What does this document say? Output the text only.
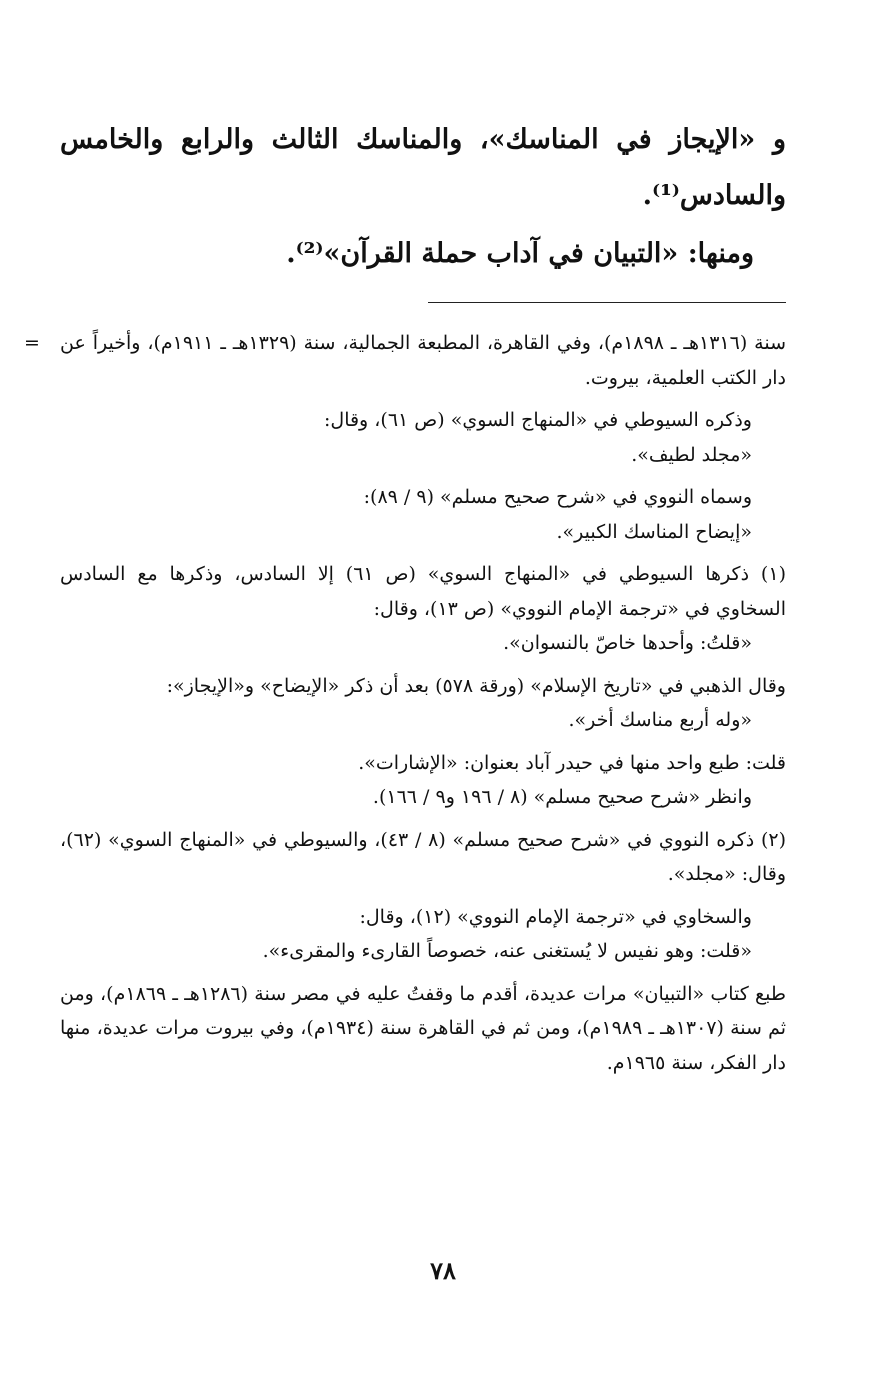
و «الإيجاز في المناسك»، والمناسك الثالث والرابع والخامس والسادس⁽¹⁾.

ومنها: «التبيان في آداب حملة القرآن»⁽²⁾.

= سنة (١٣١٦هـ ـ ١٨٩٨م)، وفي القاهرة، المطبعة الجمالية، سنة (١٣٢٩هـ ـ ١٩١١م)، وأخيراً عن دار الكتب العلمية، بيروت.

وذكره السيوطي في «المنهاج السوي» (ص ٦١)، وقال:

«مجلد لطيف».

وسماه النووي في «شرح صحيح مسلم» (٩ / ٨٩):

«إيضاح المناسك الكبير».

(١) ذكرها السيوطي في «المنهاج السوي» (ص ٦١) إلا السادس، وذكرها مع السادس السخاوي في «ترجمة الإمام النووي» (ص ١٣)، وقال:

«قلتُ: وأحدها خاصّ بالنسوان».

وقال الذهبي في «تاريخ الإسلام» (ورقة ٥٧٨) بعد أن ذكر «الإيضاح» و«الإيجاز»:

«وله أربع مناسك أخر».

قلت: طبع واحد منها في حيدر آباد بعنوان: «الإشارات».

وانظر «شرح صحيح مسلم» (٨ / ١٩٦ و٩ / ١٦٦).

(٢) ذكره النووي في «شرح صحيح مسلم» (٨ / ٤٣)، والسيوطي في «المنهاج السوي» (٦٢)، وقال: «مجلد».

والسخاوي في «ترجمة الإمام النووي» (١٢)، وقال:

«قلت: وهو نفيس لا يُستغنى عنه، خصوصاً القارىء والمقرىء».

طبع كتاب «التبيان» مرات عديدة، أقدم ما وقفتُ عليه في مصر سنة (١٢٨٦هـ ـ ١٨٦٩م)، ومن ثم سنة (١٣٠٧هـ ـ ١٩٨٩م)، ومن ثم في القاهرة سنة (١٩٣٤م)، وفي بيروت مرات عديدة، منها دار الفكر، سنة ١٩٦٥م.

٧٨
